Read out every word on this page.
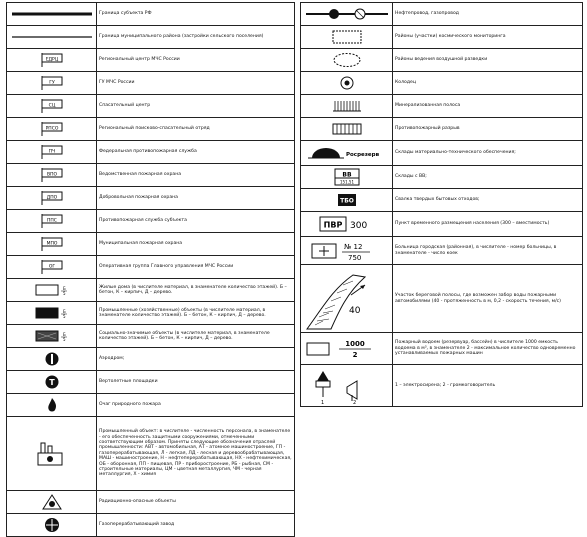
	Граница субъекта РФ

	Граница муниципального района (застройки сельского поселения)

ЕДРЦ	Региональный центр МЧС России

ГУ	ГУ МЧС России

СЦ	Спасательный центр

РПСО	Региональный поисково-спасательный отряд

ПЧ	Федеральная противопожарная служба

ВПО	Ведомственная пожарная охрана

ДПО	Добровольная пожарная охрана

ППС	Противопожарная служба субъекта

МПО	Муниципальная пожарная охрана

ОГ	Оперативная группа Главного управления МЧС России

Б
5	Жилые дома (в числителе материал, в знаменателе количество этажей). Б – бетон, К – кирпич, Д – дерево.

Б
5	Промышленные (хозяйственные) объекты (в числителе материал, в знаменателе количество этажей). Б – бетон, К – кирпич, Д – дерево.

Б
5	Социально-значимые объекты (в числителе материал, в знаменателе количество этажей). Б – бетон, К – кирпич, Д – дерево.

	Аэродром;

T	Вертолетные площадки

	Очаг природного пожара

	Промышленный объект: в числителе - численность персонала, в знаменателе - его обеспеченность защитными сооружениями, отмеченными соответствующим образом. Приняты следующие обозначения отраслей промышленности: АВТ - автомобильная, АТ - атомное машиностроение, ГП - газоперерабатывающая, Л - легкая, ЛД - лесная и деревообрабатывающая, МАШ - машиностроение, Н - нефтеперерабатывающая, НХ - нефтехимическая, ОБ - оборонная, ПП - пищевая, ПР - приборостроение, РБ - рыбная, СМ - строительные материалы, ЦМ - цветная металлургия, ЧМ - черная металлургия, Х - химия

	Радиационно-опасные объекты

	Газоперерабатывающий завод
	Нефтепровод, газопровод

	Районы (участки) космического мониторинга

	Районы ведения воздушной разведки

	Колодец

	Минерализованная полоса

	Противопожарный разрыв

Росрезерв	Склады материально-технического обеспечения;

ВВ
151,51	Склады с ВВ;

ТБО	Свалка твердых бытовых отходов;

ПВР 300	Пункт временного размещения населения (300 – вместимость)

№ 12
750	Больница городская (районная), в числителе - номер больницы, в знаменателе - число коек

40	Участок береговой полосы, где возможен забор воды пожарными автомобилями (40 - протяженность в м, 0,2 - скорость течения, м/с)

1000
2	Пожарный водоем (резервуар, бассейн) в числителе 1000 емкость водоема в м³, в знаменателе 2 - максимальное количество одновременно устанавливаемых пожарных машин

1 2	1 – электросирена; 2 - громкоговоритель
